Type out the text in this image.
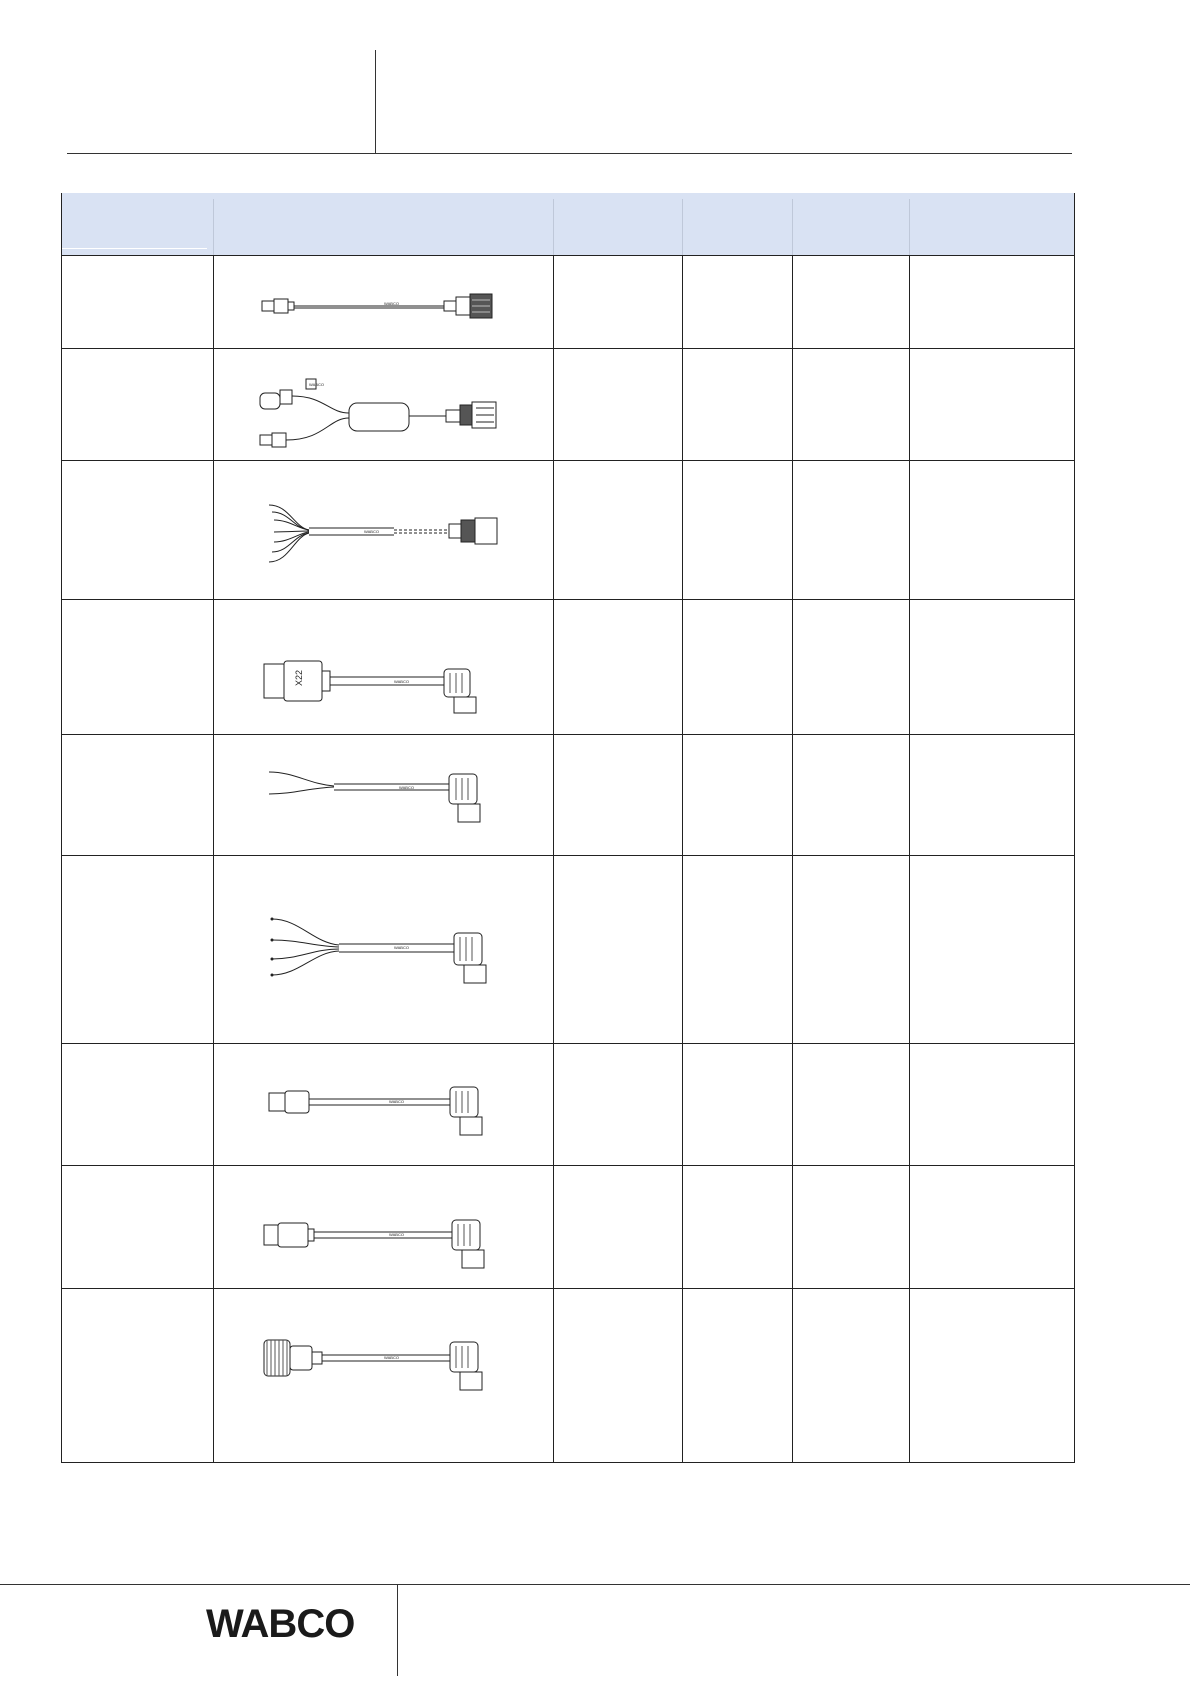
WABCO
WABCO
WABCO
X22	WABCO
WABCO
WABCO
WABCO
WABCO
WABCO
WABCO
